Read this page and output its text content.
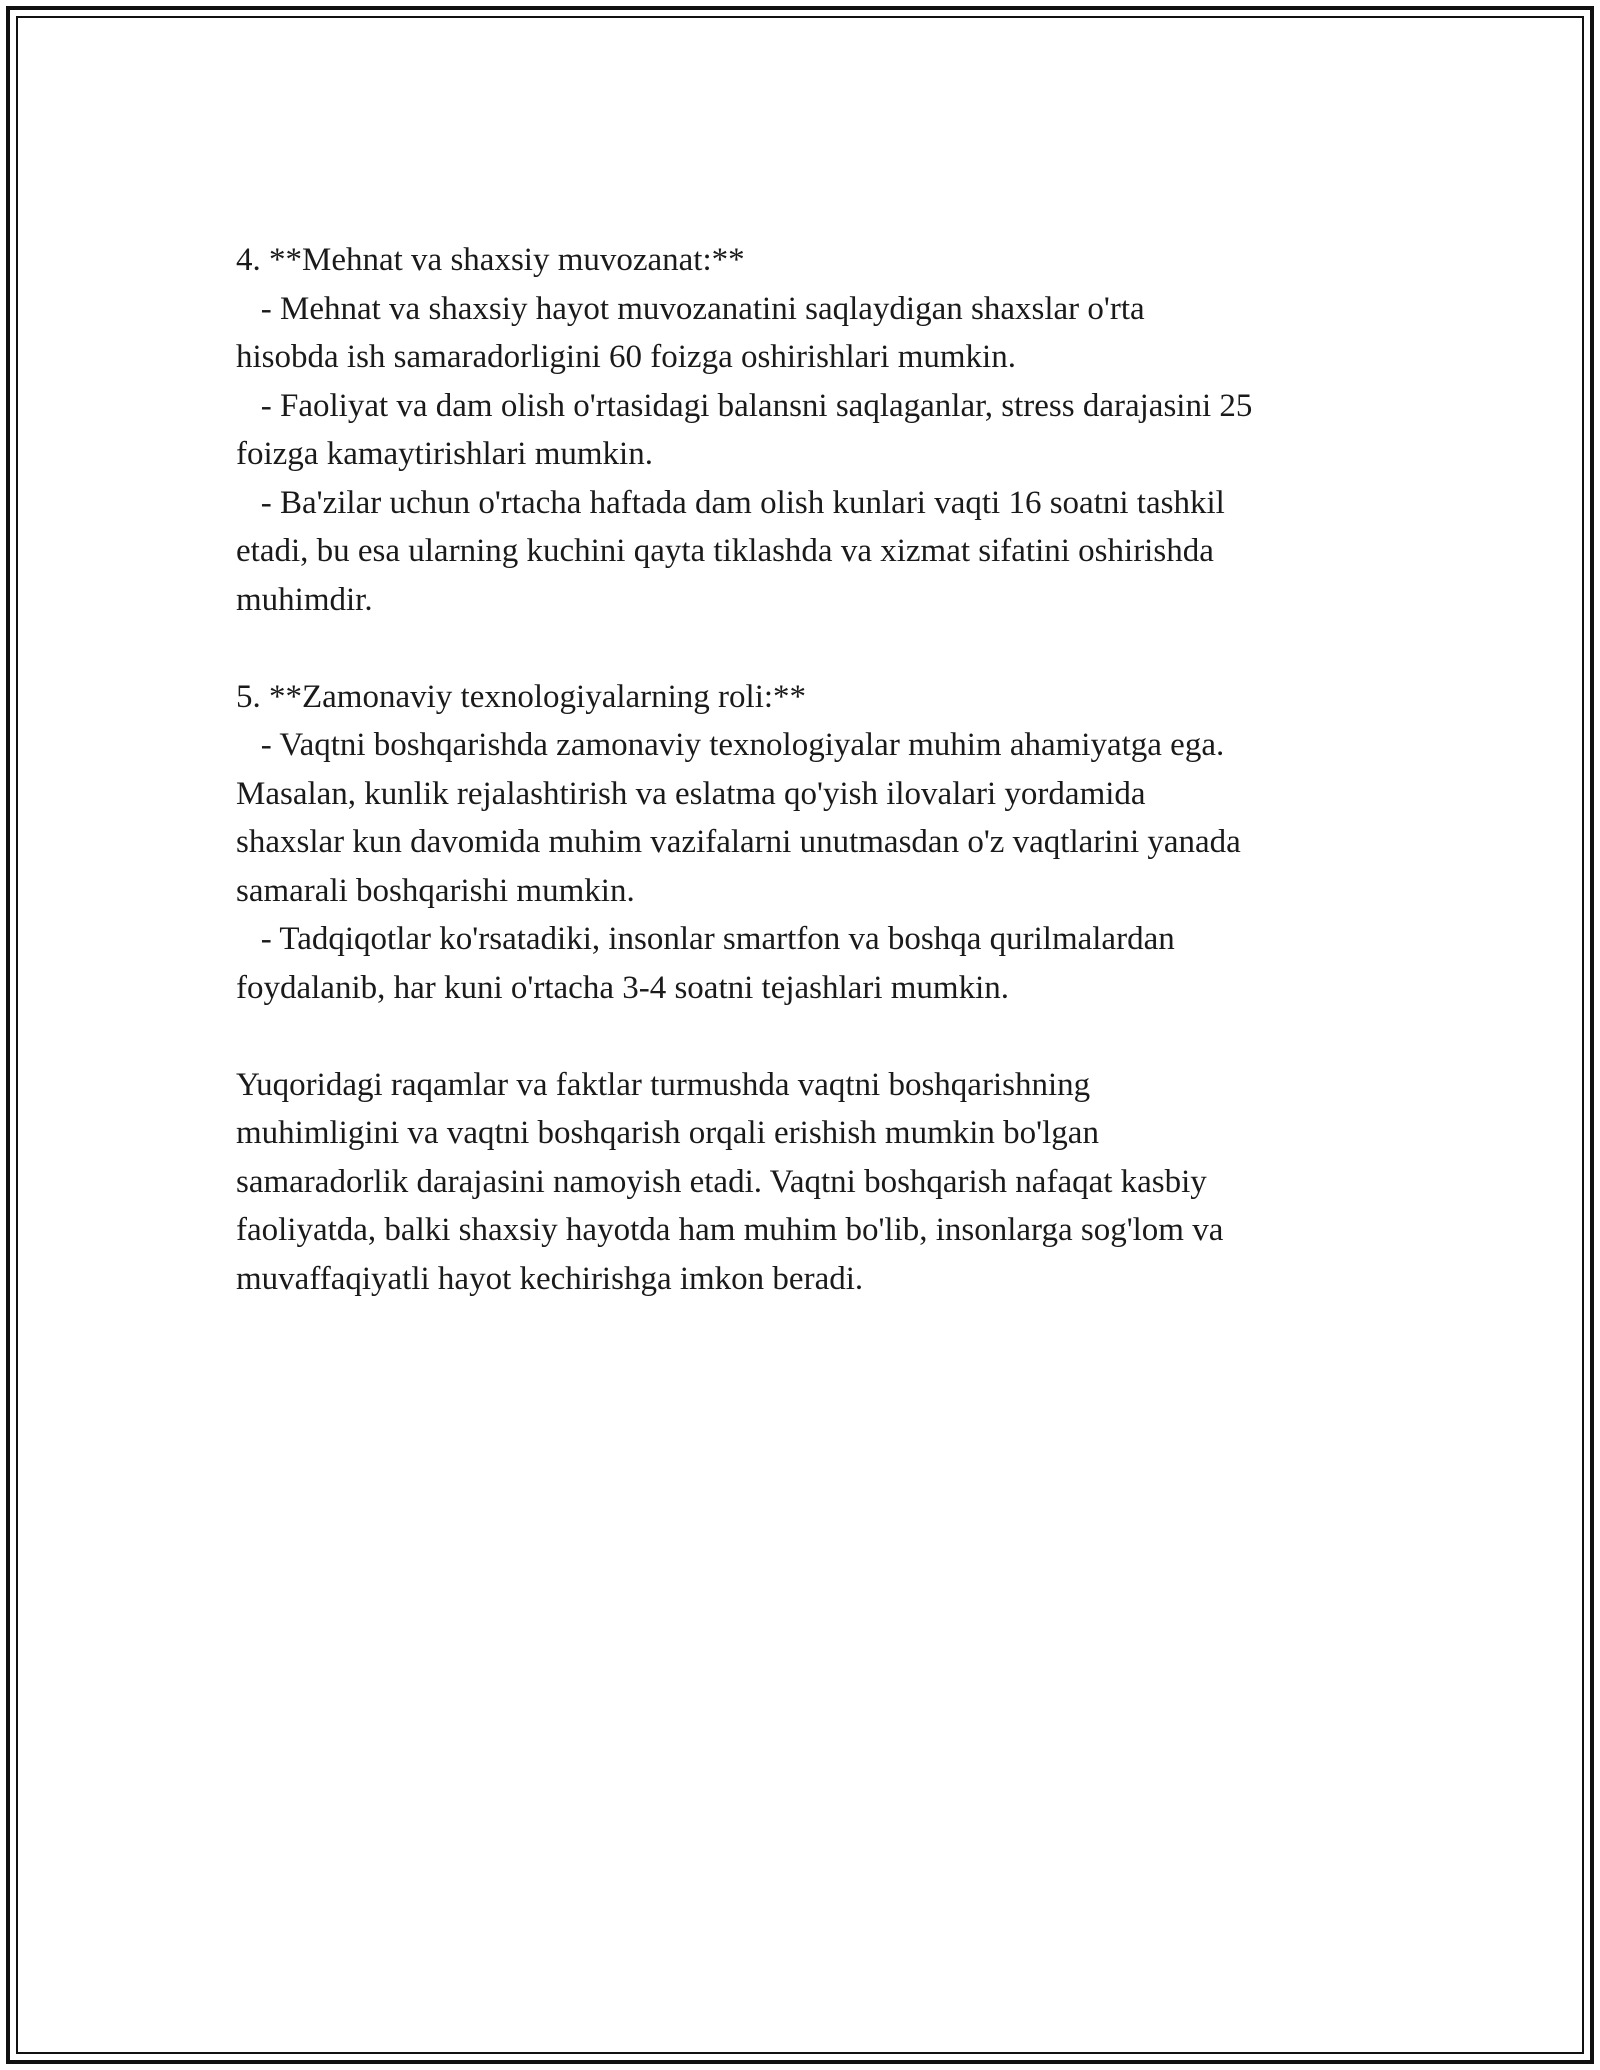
4. **Mehnat va shaxsiy muvozanat:**

- Mehnat va shaxsiy hayot muvozanatini saqlaydigan shaxslar o'rta
hisobda ish samaradorligini 60 foizga oshirishlari mumkin.

- Faoliyat va dam olish o'rtasidagi balansni saqlaganlar, stress darajasini 25
foizga kamaytirishlari mumkin.

- Ba'zilar uchun o'rtacha haftada dam olish kunlari vaqti 16 soatni tashkil
etadi, bu esa ularning kuchini qayta tiklashda va xizmat sifatini oshirishda
muhimdir.

5. **Zamonaviy texnologiyalarning roli:**

- Vaqtni boshqarishda zamonaviy texnologiyalar muhim ahamiyatga ega.
Masalan, kunlik rejalashtirish va eslatma qo'yish ilovalari yordamida
shaxslar kun davomida muhim vazifalarni unutmasdan o'z vaqtlarini yanada
samarali boshqarishi mumkin.

- Tadqiqotlar ko'rsatadiki, insonlar smartfon va boshqa qurilmalardan
foydalanib, har kuni o'rtacha 3-4 soatni tejashlari mumkin.

Yuqoridagi raqamlar va faktlar turmushda vaqtni boshqarishning
muhimligini va vaqtni boshqarish orqali erishish mumkin bo'lgan
samaradorlik darajasini namoyish etadi. Vaqtni boshqarish nafaqat kasbiy
faoliyatda, balki shaxsiy hayotda ham muhim bo'lib, insonlarga sog'lom va
muvaffaqiyatli hayot kechirishga imkon beradi.
